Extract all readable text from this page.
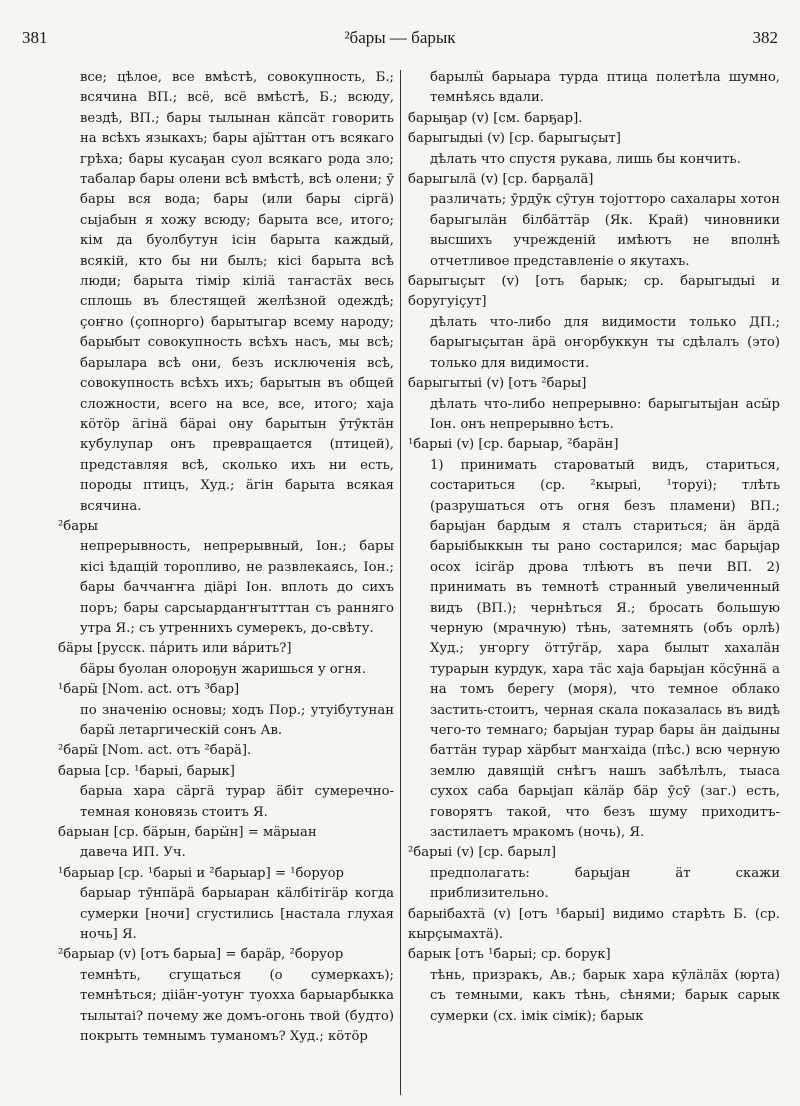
381	²бары — барык	382

все; цѣлое, все вмѣстѣ, совокупность, Б.; всячина ВП.; всё, всё вмѣстѣ, Б.; всюду, вездѣ, ВП.; бары тылынан кӓпсӓт говорить на всѣхъ языкахъ; бары ајӹттан отъ всякаго грѣха; бары кусаҕан суол всякаго рода зло; табалар бары олени всѣ вмѣстѣ, всѣ олени; ӯ бары вся вода; бары (или бары сіргӓ) сыјабын я хожу всюду; барыта все, итого; кім да буолбутун ісін барыта каждый, всякій, кто бы ни былъ; кісі барыта всѣ люди; барыта тімір кіліӓ таҥастӓх весь сплошь въ блестящей желѣзной одеждѣ; ҫоҥно (ҫопнорго) барытыгар всему народу; барыбыт совокупность всѣхъ насъ, мы всѣ; барылара всѣ они, безъ исключенія всѣ, совокупность всѣхъ ихъ; барытын въ общей сложности, всего на все, все, итого; хаја кӧтӧр ӓгінӓ бӓраі ону барытын ӯтӯктӓн кубулупар онъ превращается (птицей), представляя всѣ, сколько ихъ ни есть, породы птицъ, Худ.; ӓгін барыта всякая всячина.

²бары

непрерывность, непрерывный, Іон.; бары кісі ѣдащій торопливо, не развлекаясь, Іон.; бары баччаҥҥа діӓрі Іон. вплоть до сихъ поръ; бары сарсыардаҥҥытттан съ ранняго утра Я.; съ утреннихъ сумерекъ, до-свѣту.

бӓры [русск. па́рить или ва́рить?]

бӓры буолан олороҕун жаришься у огня.

¹барӹ [Nom. act. отъ ³бар]

по значенію основы; ходъ Пор.; утуібутунан барӹ летаргическій сонъ Ав.

²барӹ [Nom. act. отъ ²барӓ].

барыа [ср. ¹барыі, барык]

барыа хара сӓргӓ турар ӓбіт сумеречно-темная коновязь стоитъ Я.

барыан [ср. бӓрын, барӹн] = мӓрыан

давеча ИП. Уч.

¹барыар [ср. ¹барыі и ²барыар] = ¹боруор

барыар тӯнпӓрӓ барыаран кӓлбітігӓр когда сумерки [ночи] сгустились [настала глухая ночь] Я.

²барыар (v) [отъ барыа] = барӓр, ²боруор

темнѣть, сгущаться (о сумеркахъ); темнѣться; дііӓҥ-уотуҥ туохха барыарбыкка тылытаі? почему же домъ-огонь твой (будто) покрыть темнымъ туманомъ? Худ.; кӧтӧр

барылӹ барыара турда птица полетѣла шумно, темнѣясь вдали.

барыҕар (v) [см. барҕар].

барыгыдыі (v) [ср. барыгыҫыт]

дѣлать что спустя рукава, лишь бы кончить.

барыгылӓ (v) [ср. барҕалӓ]

различать; ӯрдӯк сӯтун тојотторо сахалары хотон барыгылӓн білбӓттӓр (Як. Край) чиновники высшихъ учрежденій имѣютъ не вполнѣ отчетливое представленіе о якутахъ.

барыгыҫыт (v) [отъ барык; ср. барыгыдыі и боругуіҫут]

дѣлать что-либо для видимости только ДП.; барыгыҫытан ӓрӓ оҥорбуккун ты сдѣлалъ (это) только для видимости.

барыгытыі (v) [отъ ²бары]

дѣлать что-либо непрерывно: барыгытыјан асӹр Іон. онъ непрерывно ѣстъ.

¹барыі (v) [ср. барыар, ²барӓн]

1) принимать староватый видъ, стариться, состариться (ср. ²кырыі, ¹торуі); тлѣть (разрушаться отъ огня безъ пламени) ВП.; барыјан бардым я сталъ стариться; ӓн ӓрдӓ барыібыккын ты рано состарился; мас барыјар осох ісігӓр дрова тлѣютъ въ печи ВП. 2) принимать въ темнотѣ странный увеличенный видъ (ВП.); чернѣться Я.; бросать большую черную (мрачную) тѣнь, затемнять (объ орлѣ) Худ.; уҥоргу ӧттӯгӓр, хара былыт хахалӓн турарын курдук, хара тӓс хаја барыјан кӧсӯннӓ а на томъ берегу (моря), что темное облако застить-стоитъ, черная скала показалась въ видѣ чего-то темнаго; барыјан турар бары ӓн даідыны баттӓн турар хӓрбыт маҥхаіда (пѣс.) всю черную землю давящій снѣгъ нашъ забѣлѣлъ, тыаса сухох саба барыјап кӓлӓр бӓр ӯсӯ (заг.) есть, говорятъ такой, что безъ шуму приходитъ-застилаетъ мракомъ (ночь), Я.

²барыі (v) [ср. барыл]

предполагать: барыјан ӓт скажи приблизительно.

барыібахтӓ (v) [отъ ¹барыі] видимо старѣть Б. (ср. кырҫымахтӓ).

барык [отъ ¹барыі; ср. борук]

тѣнь, призракъ, Ав.; барык хара кӯлӓлӓх (юрта) съ темными, какъ тѣнь, сѣнями; барык сарык сумерки (сх. імік сімік); барык
